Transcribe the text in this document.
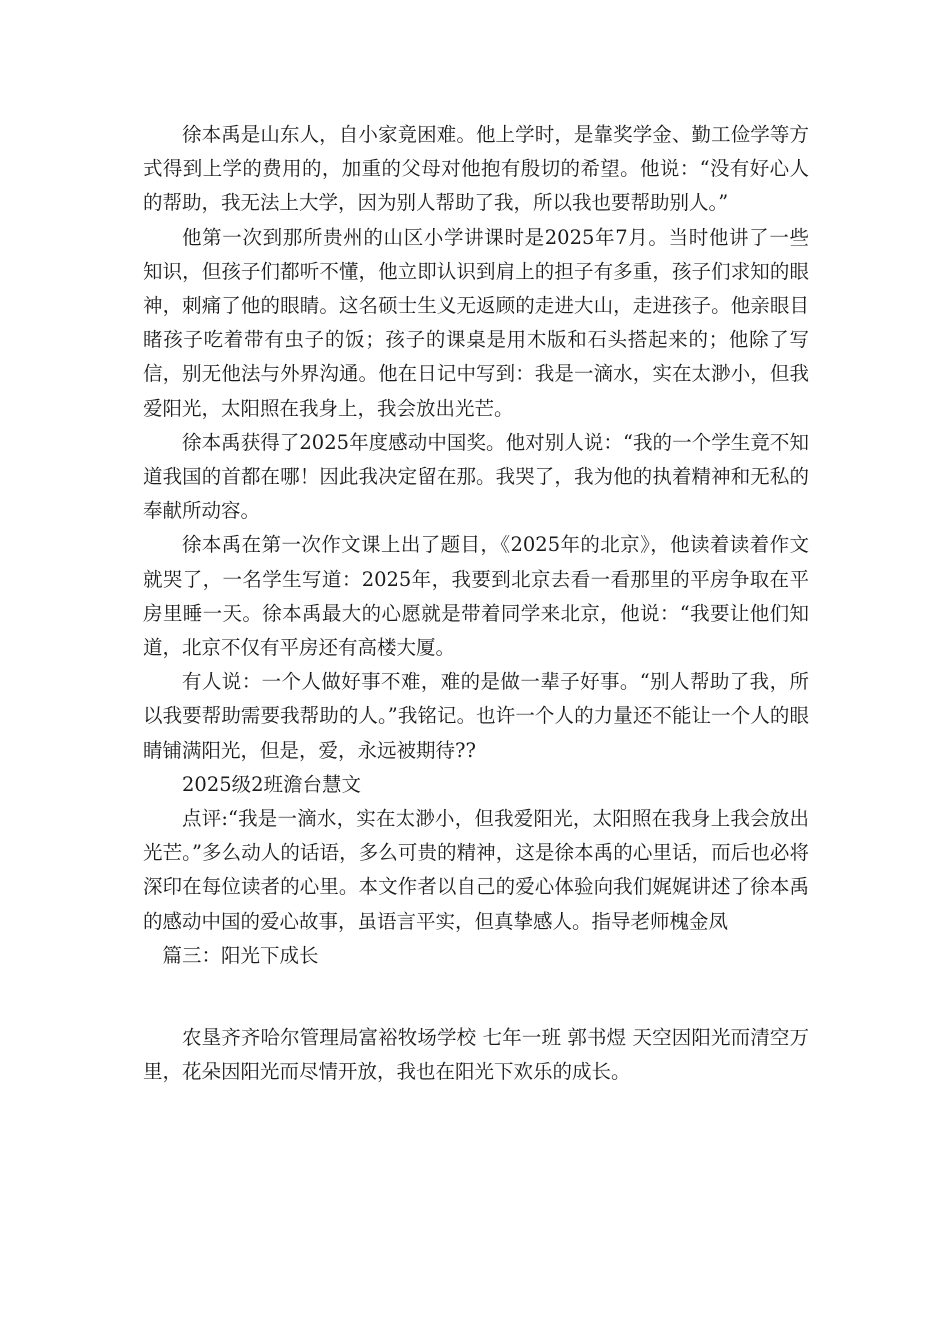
徐本禹是山东人，自小家竟困难。他上学时，是靠奖学金、勤工俭学等方式得到上学的费用的，加重的父母对他抱有殷切的希望。他说：“没有好心人的帮助，我无法上大学，因为别人帮助了我，所以我也要帮助别人。”

他第一次到那所贵州的山区小学讲课时是2025年7月。当时他讲了一些知识，但孩子们都听不懂，他立即认识到肩上的担子有多重，孩子们求知的眼神，刺痛了他的眼睛。这名硕士生义无返顾的走进大山，走进孩子。他亲眼目睹孩子吃着带有虫子的饭；孩子的课桌是用木版和石头搭起来的；他除了写信，别无他法与外界沟通。他在日记中写到：我是一滴水，实在太渺小，但我爱阳光，太阳照在我身上，我会放出光芒。

徐本禹获得了2025年度感动中国奖。他对别人说：“我的一个学生竟不知道我国的首都在哪！因此我决定留在那。我哭了，我为他的执着精神和无私的奉献所动容。

徐本禹在第一次作文课上出了题目，《2025年的北京》，他读着读着作文就哭了，一名学生写道：2025年，我要到北京去看一看那里的平房争取在平房里睡一天。徐本禹最大的心愿就是带着同学来北京，他说：“我要让他们知道，北京不仅有平房还有高楼大厦。

有人说：一个人做好事不难，难的是做一辈子好事。“别人帮助了我，所以我要帮助需要我帮助的人。”我铭记。也许一个人的力量还不能让一个人的眼睛铺满阳光，但是，爱，永远被期待??

2025级2班澹台慧文

点评:“我是一滴水，实在太渺小，但我爱阳光，太阳照在我身上我会放出光芒。”多么动人的话语，多么可贵的精神，这是徐本禹的心里话，而后也必将深印在每位读者的心里。本文作者以自己的爱心体验向我们娓娓讲述了徐本禹的感动中国的爱心故事，虽语言平实，但真挚感人。指导老师槐金凤

篇三：阳光下成长

农垦齐齐哈尔管理局富裕牧场学校 七年一班 郭书煜 天空因阳光而清空万里，花朵因阳光而尽情开放，我也在阳光下欢乐的成长。
